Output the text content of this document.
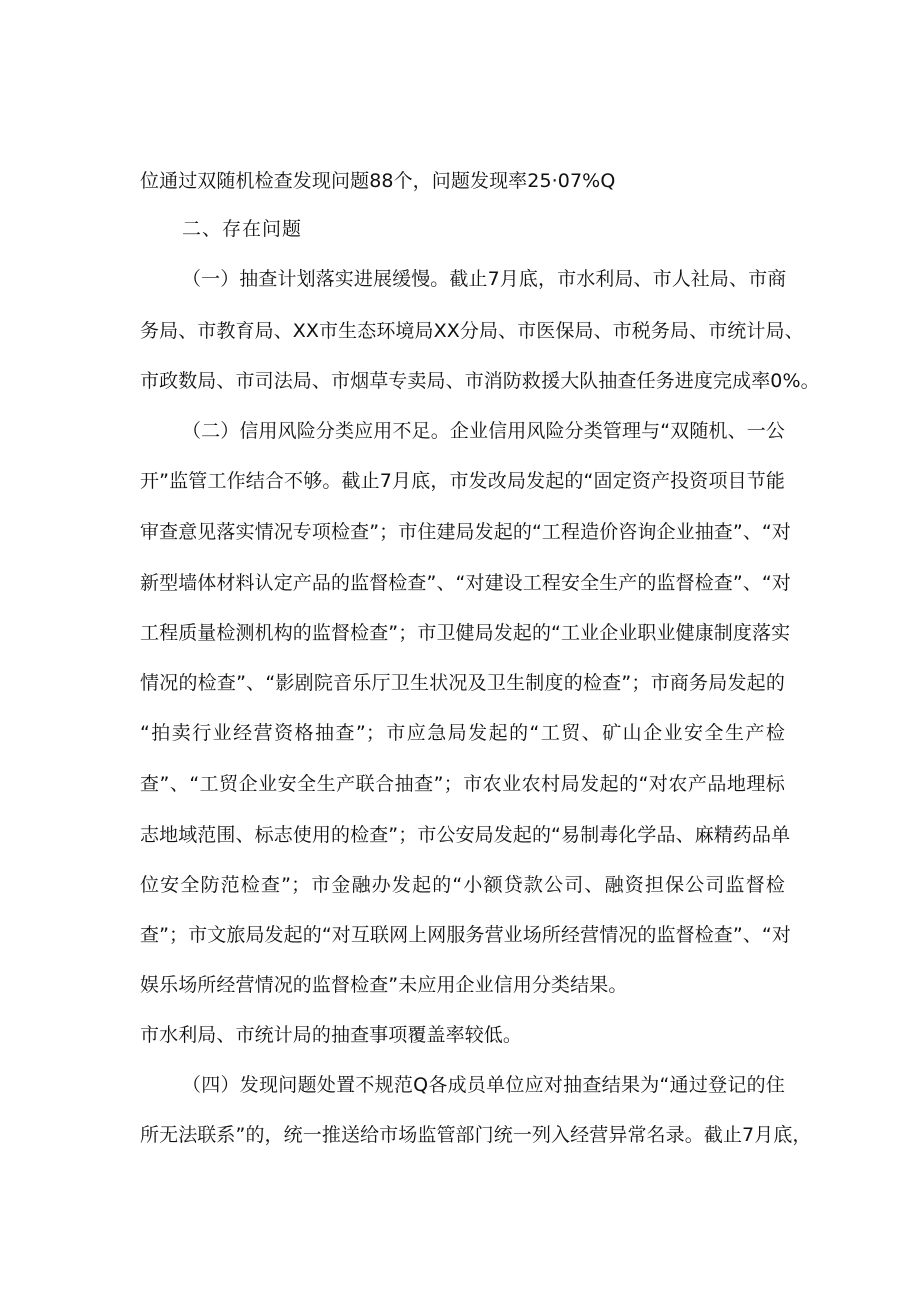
位通过双随机检查发现问题88个，问题发现率25·07%Q
二、存在问题
（一）抽查计划落实进展缓慢。截止7月底，市水利局、市人社局、市商
务局、市教育局、XX市生态环境局XX分局、市医保局、市税务局、市统计局、
市政数局、市司法局、市烟草专卖局、市消防救援大队抽查任务进度完成率0%。
（二）信用风险分类应用不足。企业信用风险分类管理与“双随机、一公
开”监管工作结合不够。截止7月底，市发改局发起的“固定资产投资项目节能
审查意见落实情况专项检查”；市住建局发起的“工程造价咨询企业抽查”、“对
新型墙体材料认定产品的监督检查”、“对建设工程安全生产的监督检查”、“对
工程质量检测机构的监督检查”；市卫健局发起的“工业企业职业健康制度落实
情况的检查”、“影剧院音乐厅卫生状况及卫生制度的检查”；市商务局发起的
“拍卖行业经营资格抽查”；市应急局发起的“工贸、矿山企业安全生产检
查”、“工贸企业安全生产联合抽查”；市农业农村局发起的“对农产品地理标
志地域范围、标志使用的检查”；市公安局发起的“易制毒化学品、麻精药品单
位安全防范检查”；市金融办发起的“小额贷款公司、融资担保公司监督检
查”；市文旅局发起的“对互联网上网服务营业场所经营情况的监督检查”、“对
娱乐场所经营情况的监督检查”未应用企业信用分类结果。
市水利局、市统计局的抽查事项覆盖率较低。
（四）发现问题处置不规范Q各成员单位应对抽查结果为“通过登记的住
所无法联系”的，统一推送给市场监管部门统一列入经营异常名录。截止7月底，
